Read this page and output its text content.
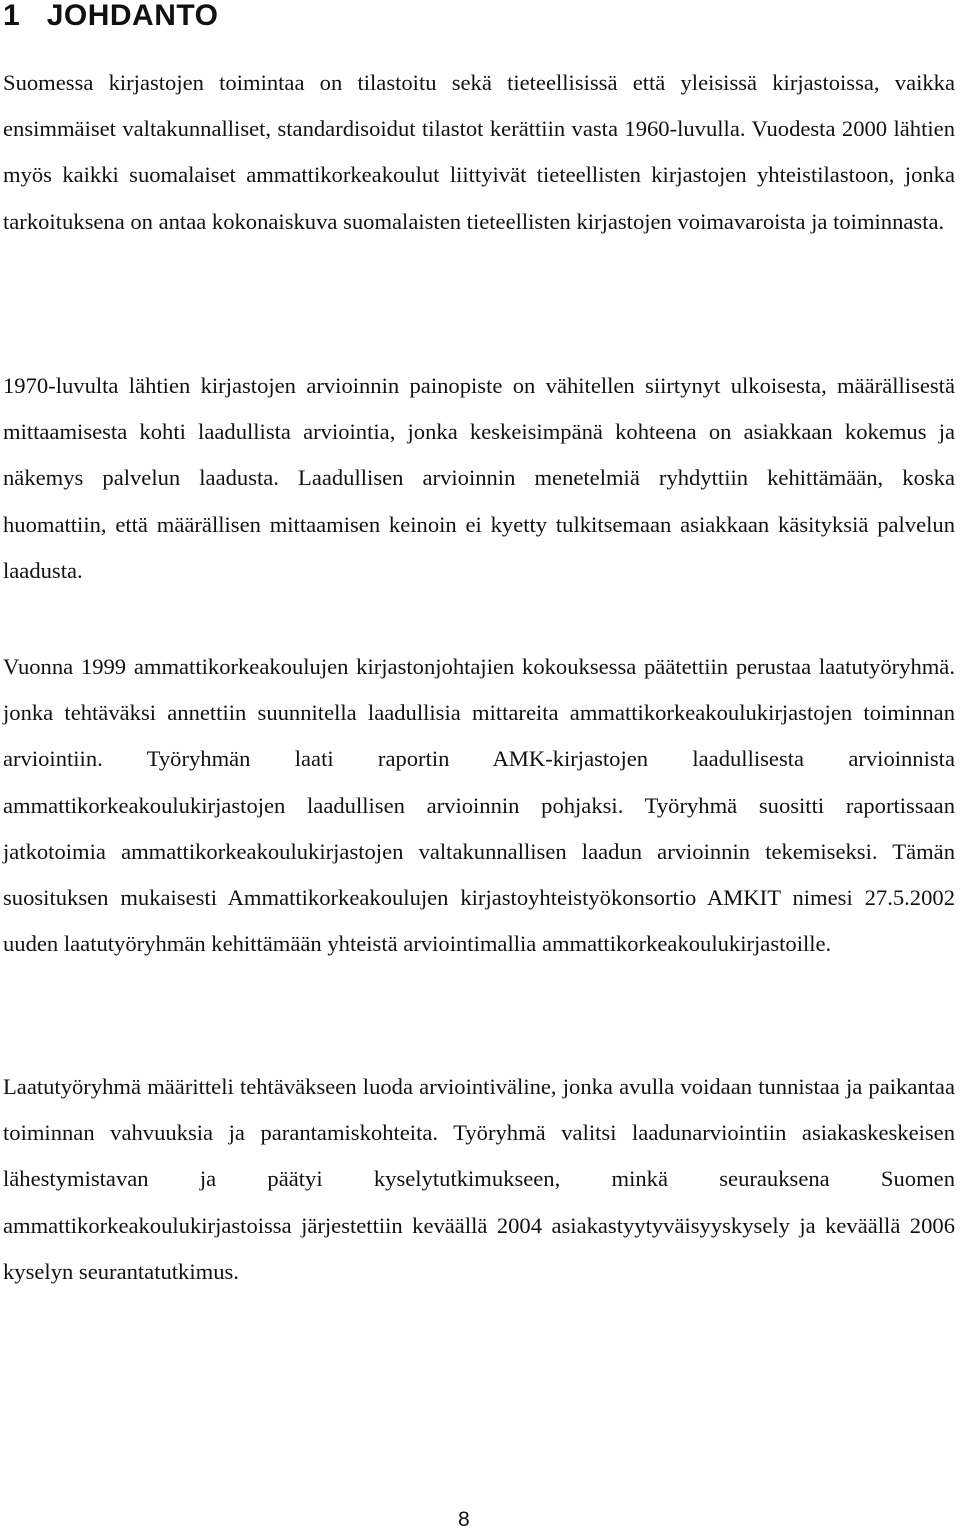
1 JOHDANTO

Suomessa kirjastojen toimintaa on tilastoitu sekä tieteellisissä että yleisissä kirjastoissa, vaikka ensimmäiset valtakunnalliset, standardisoidut tilastot kerättiin vasta 1960-luvulla. Vuodesta 2000 lähtien myös kaikki suomalaiset ammattikorkeakoulut liittyivät tieteellisten kirjastojen yhteistilastoon, jonka tarkoituksena on antaa kokonaiskuva suomalaisten tieteellisten kirjastojen voimavaroista ja toiminnasta.

1970-luvulta lähtien kirjastojen arvioinnin painopiste on vähitellen siirtynyt ulkoisesta, määrällisestä mittaamisesta kohti laadullista arviointia, jonka keskeisimpänä kohteena on asiakkaan kokemus ja näkemys palvelun laadusta. Laadullisen arvioinnin menetelmiä ryhdyttiin kehittämään, koska huomattiin, että määrällisen mittaamisen keinoin ei kyetty tulkitsemaan asiakkaan käsityksiä palvelun laadusta.

Vuonna 1999 ammattikorkeakoulujen kirjastonjohtajien kokouksessa päätettiin perustaa laatutyöryhmä. jonka tehtäväksi annettiin suunnitella laadullisia mittareita ammattikorkeakoulukirjastojen toiminnan arviointiin. Työryhmän laati raportin AMK-kirjastojen laadullisesta arvioinnista ammattikorkeakoulukirjastojen laadullisen arvioinnin pohjaksi. Työryhmä suositti raportissaan jatkotoimia ammattikorkeakoulukirjastojen valtakunnallisen laadun arvioinnin tekemiseksi. Tämän suosituksen mukaisesti Ammattikorkeakoulujen kirjastoyhteistyökonsortio AMKIT nimesi 27.5.2002 uuden laatutyöryhmän kehittämään yhteistä arviointimallia ammattikorkeakoulukirjastoille.

Laatutyöryhmä määritteli tehtäväkseen luoda arviointiväline, jonka avulla voidaan tunnistaa ja paikantaa toiminnan vahvuuksia ja parantamiskohteita. Työryhmä valitsi laadunarviointiin asiakaskeskeisen lähestymistavan ja päätyi kyselytutkimukseen, minkä seurauksena Suomen ammattikorkeakoulukirjastoissa järjestettiin keväällä 2004 asiakastyytyväisyyskysely ja keväällä 2006 kyselyn seurantatutkimus.

8
